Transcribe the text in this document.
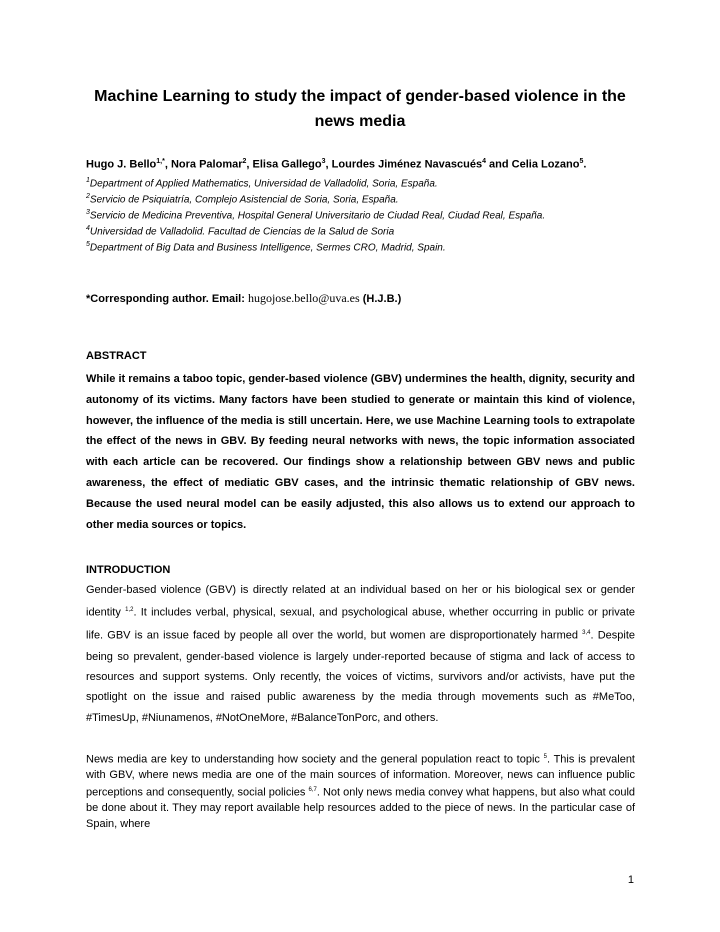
Machine Learning to study the impact of gender-based violence in the news media
Hugo J. Bello$^{1,*}$, Nora Palomar$^2$, Elisa Gallego$^3$, Lourdes Jiménez Navascués$^4$ and Celia Lozano$^5$.
$^1$Department of Applied Mathematics, Universidad de Valladolid, Soria, España.
$^2$Servicio de Psiquiatría, Complejo Asistencial de Soria, Soria, España.
$^3$Servicio de Medicina Preventiva, Hospital General Universitario de Ciudad Real, Ciudad Real, España.
$^4$Universidad de Valladolid. Facultad de Ciencias de la Salud de Soria
$^5$Department of Big Data and Business Intelligence, Sermes CRO, Madrid, Spain.
*Corresponding author. Email: hugojose.bello@uva.es (H.J.B.)
ABSTRACT

While it remains a taboo topic, gender-based violence (GBV) undermines the health, dignity, security and autonomy of its victims. Many factors have been studied to generate or maintain this kind of violence, however, the influence of the media is still uncertain. Here, we use Machine Learning tools to extrapolate the effect of the news in GBV. By feeding neural networks with news, the topic information associated with each article can be recovered. Our findings show a relationship between GBV news and public awareness, the effect of mediatic GBV cases, and the intrinsic thematic relationship of GBV news. Because the used neural model can be easily adjusted, this also allows us to extend our approach to other media sources or topics.

INTRODUCTION

Gender-based violence (GBV) is directly related at an individual based on her or his biological sex or gender identity $^{1,2}$. It includes verbal, physical, sexual, and psychological abuse, whether occurring in public or private life. GBV is an issue faced by people all over the world, but women are disproportionately harmed $^{3,4}$. Despite being so prevalent, gender-based violence is largely under-reported because of stigma and lack of access to resources and support systems. Only recently, the voices of victims, survivors and/or activists, have put the spotlight on the issue and raised public awareness by the media through movements such as #MeToo, #TimesUp, #Niunamenos, #NotOneMore, #BalanceTonPorc, and others.

News media are key to understanding how society and the general population react to topic $^5$. This is prevalent with GBV, where news media are one of the main sources of information. Moreover, news can influence public perceptions and consequently, social policies $^{6,7}$. Not only news media convey what happens, but also what could be done about it. They may report available help resources added to the piece of news. In the particular case of Spain, where

1
